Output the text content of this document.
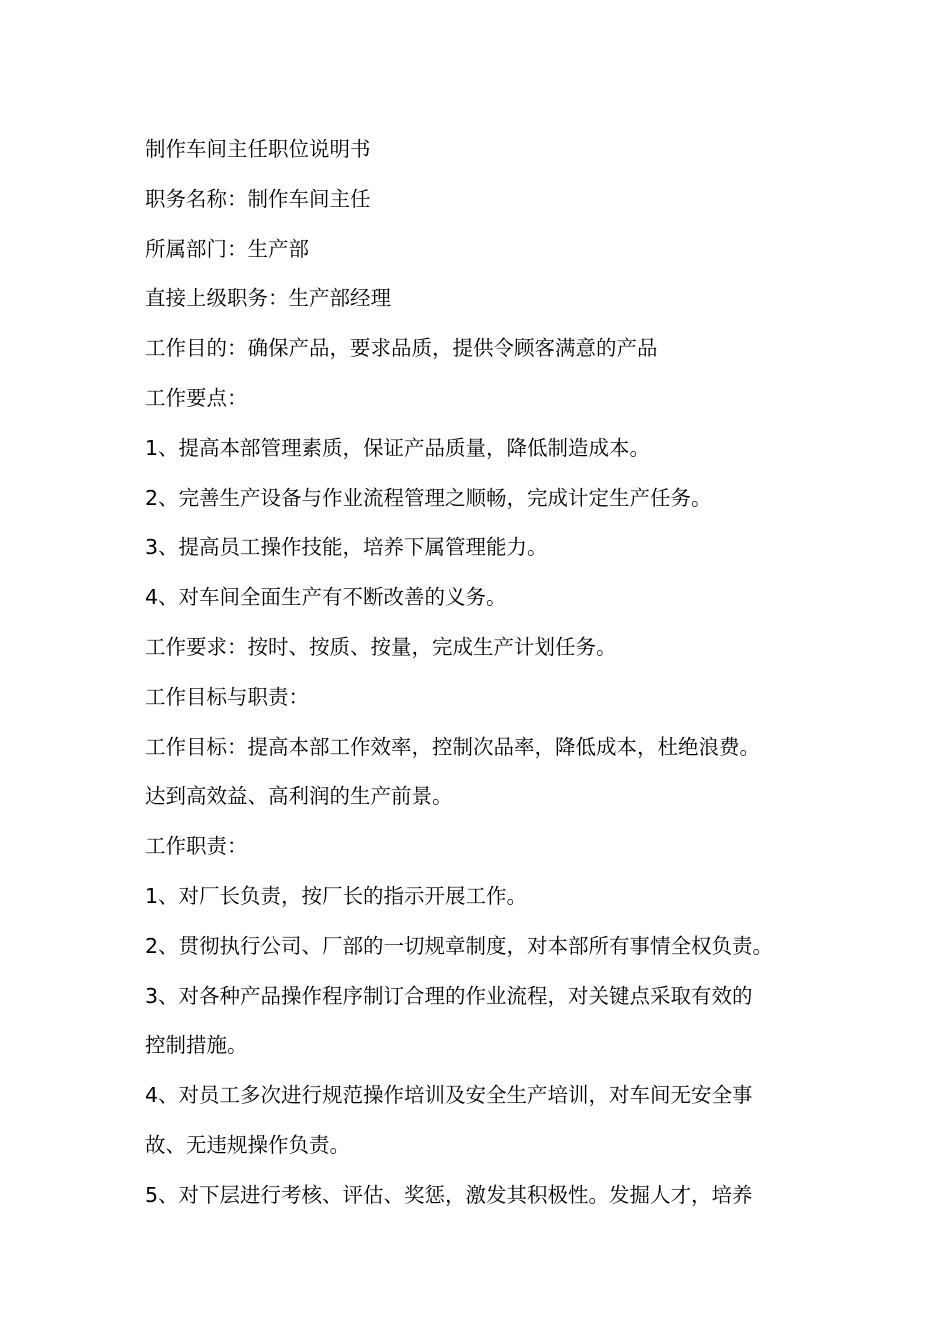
制作车间主任职位说明书
职务名称：制作车间主任
所属部门：生产部
直接上级职务：生产部经理
工作目的：确保产品，要求品质，提供令顾客满意的产品
工作要点：
1、提高本部管理素质，保证产品质量，降低制造成本。
2、完善生产设备与作业流程管理之顺畅，完成计定生产任务。
3、提高员工操作技能，培养下属管理能力。
4、对车间全面生产有不断改善的义务。
工作要求：按时、按质、按量，完成生产计划任务。
工作目标与职责：
工作目标：提高本部工作效率，控制次品率，降低成本，杜绝浪费。
达到高效益、高利润的生产前景。
工作职责：
1、对厂长负责，按厂长的指示开展工作。
2、贯彻执行公司、厂部的一切规章制度，对本部所有事情全权负责。
3、对各种产品操作程序制订合理的作业流程，对关键点采取有效的
控制措施。
4、对员工多次进行规范操作培训及安全生产培训，对车间无安全事
故、无违规操作负责。
5、对下层进行考核、评估、奖惩，激发其积极性。发掘人才，培养
